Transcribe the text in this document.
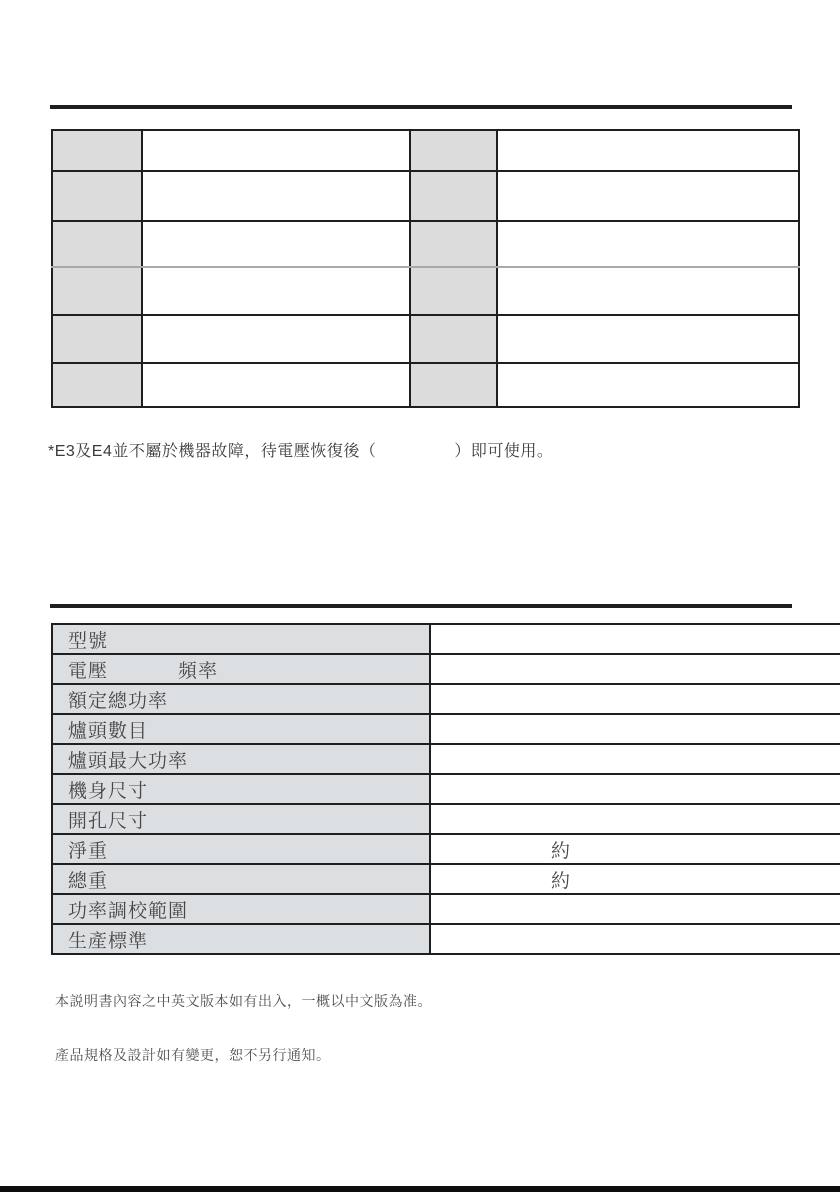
*E3及E4並不屬於機器故障，待電壓恢復後（	）即可使用。
型號	
電壓 頻率	
額定總功率	
爐頭數目	
爐頭最大功率	
機身尺寸	
開孔尺寸	
淨重	約
總重	約
功率調校範圍	
生產標準	
本説明書內容之中英文版本如有出入，一概以中文版為准。
產品規格及設計如有變更，恕不另行通知。
